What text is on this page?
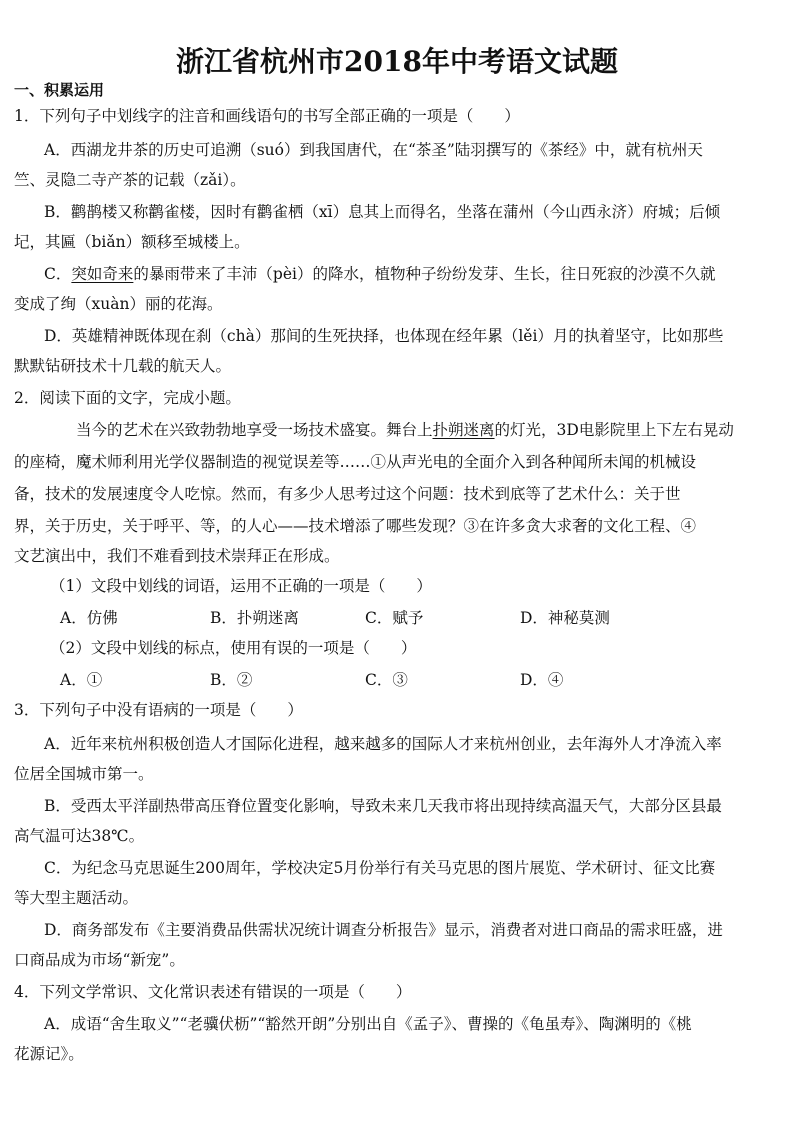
浙江省杭州市2018年中考语文试题
一、积累运用
1．下列句子中划线字的注音和画线语句的书写全部正确的一项是（　　）
A．西湖龙井茶的历史可追溯（suó）到我国唐代，在“茶圣”陆羽撰写的《茶经》中，就有杭州天
竺、灵隐二寺产茶的记载（zǎi）。
B．鹳鹊楼又称鹳雀楼，因时有鹳雀栖（xī）息其上而得名，坐落在蒲州（今山西永济）府城；后倾
圮，其匾（biǎn）额移至城楼上。
C．突如奇来的暴雨带来了丰沛（pèi）的降水，植物种子纷纷发芽、生长，往日死寂的沙漠不久就
变成了绚（xuàn）丽的花海。
D．英雄精神既体现在刹（chà）那间的生死抉择，也体现在经年累（lěi）月的执着坚守，比如那些
默默钻研技术十几载的航天人。
2．阅读下面的文字，完成小题。
当今的艺术在兴致勃勃地享受一场技术盛宴。舞台上扑朔迷离的灯光，3D电影院里上下左右晃动
的座椅，魔术师利用光学仪器制造的视觉误差等……①从声光电的全面介入到各种闻所未闻的机械设
备，技术的发展速度令人吃惊。然而，有多少人思考过这个问题：技术到底等了艺术什么：关于世
界，关于历史，关于呼平、等，的人心——技术增添了哪些发现？③在许多贪大求奢的文化工程、④
文艺演出中，我们不难看到技术崇拜正在形成。
（1）文段中划线的词语，运用不正确的一项是（　　）
A．仿佛	B．扑朔迷离	C．赋予	D．神秘莫测
（2）文段中划线的标点，使用有误的一项是（　　）
A．①	B．②	C．③	D．④
3．下列句子中没有语病的一项是（　　）
A．近年来杭州积极创造人才国际化进程，越来越多的国际人才来杭州创业，去年海外人才净流入率
位居全国城市第一。
B．受西太平洋副热带高压脊位置变化影响，导致未来几天我市将出现持续高温天气，大部分区县最
高气温可达38℃。
C．为纪念马克思诞生200周年，学校决定5月份举行有关马克思的图片展览、学术研讨、征文比赛
等大型主题活动。
D．商务部发布《主要消费品供需状况统计调查分析报告》显示，消费者对进口商品的需求旺盛，进
口商品成为市场“新宠”。
4．下列文学常识、文化常识表述有错误的一项是（　　）
A．成语“舍生取义”“老骥伏枥”“豁然开朗”分别出自《孟子》、曹操的《龟虽寿》、陶渊明的《桃
花源记》。
